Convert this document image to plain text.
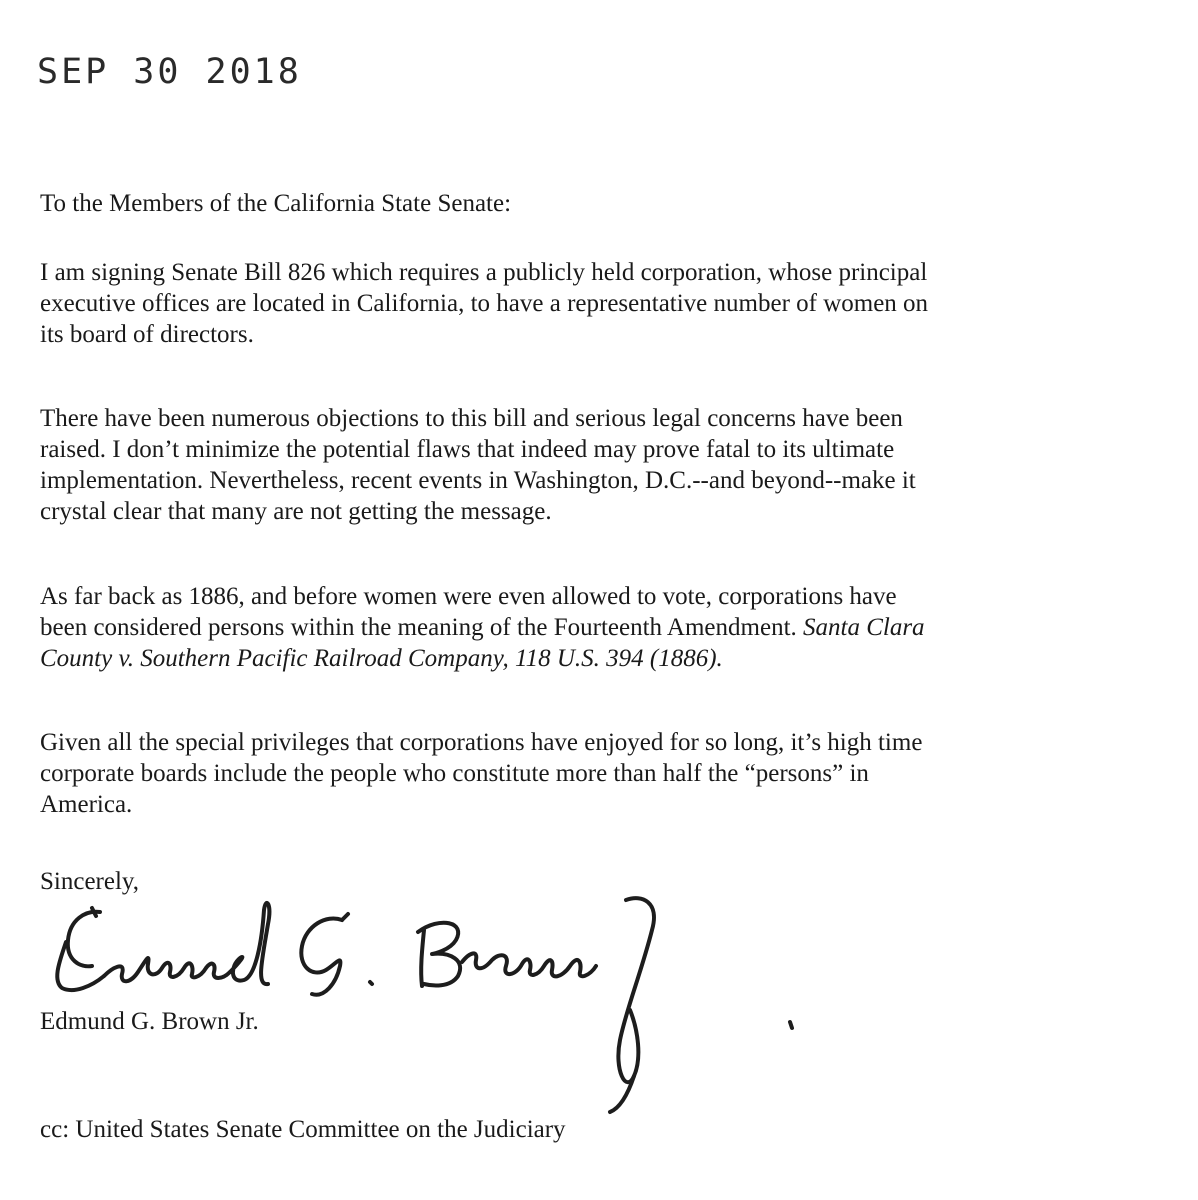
SEP 30 2018
To the Members of the California State Senate:
I am signing Senate Bill 826 which requires a publicly held corporation, whose principal
executive offices are located in California, to have a representative number of women on
its board of directors.
There have been numerous objections to this bill and serious legal concerns have been
raised. I don’t minimize the potential flaws that indeed may prove fatal to its ultimate
implementation. Nevertheless, recent events in Washington, D.C.--and beyond--make it
crystal clear that many are not getting the message.
As far back as 1886, and before women were even allowed to vote, corporations have
been considered persons within the meaning of the Fourteenth Amendment. Santa Clara
County v. Southern Pacific Railroad Company, 118 U.S. 394 (1886).
Given all the special privileges that corporations have enjoyed for so long, it’s high time
corporate boards include the people who constitute more than half the “persons” in
America.
Sincerely,
Edmund G. Brown Jr.
cc: United States Senate Committee on the Judiciary
